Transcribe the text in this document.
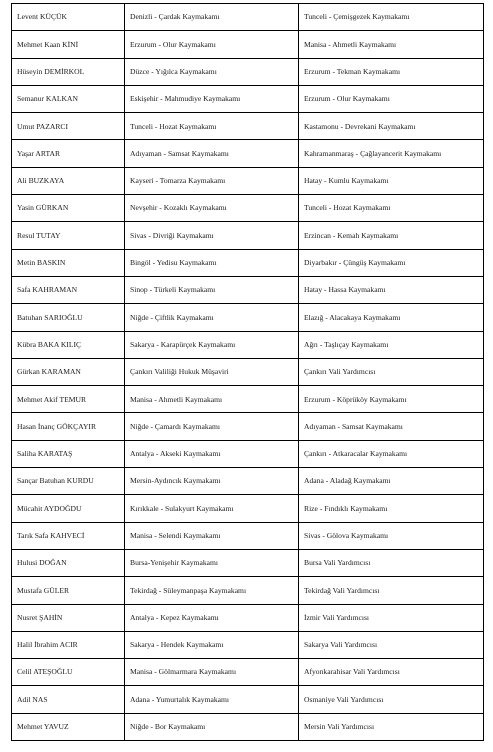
Levent KÜÇÜK	Denizli - Çardak Kaymakamı	Tunceli - Çemişgezek Kaymakamı
Mehmet Kaan KİNİ	Erzurum - Olur Kaymakamı	Manisa - Ahmetli Kaymakamı
Hüseyin DEMİRKOL	Düzce - Yığılca Kaymakamı	Erzurum - Tekman Kaymakamı
Semanur KALKAN	Eskişehir - Mahmudiye Kaymakamı	Erzurum - Olur Kaymakamı
Umut PAZARCI	Tunceli - Hozat Kaymakamı	Kastamonu - Devrekani Kaymakamı
Yaşar ARTAR	Adıyaman - Samsat Kaymakamı	Kahramanmaraş - Çağlayancerit Kaymakamı
Ali BUZKAYA	Kayseri - Tomarza Kaymakamı	Hatay - Kumlu Kaymakamı
Yasin GÜRKAN	Nevşehir - Kozaklı Kaymakamı	Tunceli - Hozat Kaymakamı
Resul TUTAY	Sivas - Divriği Kaymakamı	Erzincan - Kemah Kaymakamı
Metin BASKIN	Bingöl - Yedisu Kaymakamı	Diyarbakır - Çüngüş Kaymakamı
Safa KAHRAMAN	Sinop - Türkeli Kaymakamı	Hatay - Hassa Kaymakamı
Batuhan SARIOĞLU	Niğde - Çiftlik Kaymakamı	Elazığ - Alacakaya Kaymakamı
Kübra BAKA KILIÇ	Sakarya - Karapürçek Kaymakamı	Ağrı - Taşlıçay Kaymakamı
Gürkan KARAMAN	Çankırı Valiliği Hukuk Müşaviri	Çankırı Vali Yardımcısı
Mehmet Akif TEMUR	Manisa - Ahmetli Kaymakamı	Erzurum - Köprüköy Kaymakamı
Hasan İnanç GÖKÇAYIR	Niğde - Çamardı Kaymakamı	Adıyaman - Samsat Kaymakamı
Saliha KARATAŞ	Antalya - Akseki Kaymakamı	Çankırı - Atkaracalar Kaymakamı
Sançar Batuhan KURDU	Mersin-Aydıncık Kaymakamı	Adana - Aladağ Kaymakamı
Mücahit AYDOĞDU	Kırıkkale - Sulakyurt Kaymakamı	Rize - Fındıklı Kaymakamı
Tarık Safa KAHVECİ	Manisa - Selendi Kaymakamı	Sivas - Gölova Kaymakamı
Hulusi DOĞAN	Bursa-Yenişehir Kaymakamı	Bursa Vali Yardımcısı
Mustafa GÜLER	Tekirdağ - Süleymanpaşa Kaymakamı	Tekirdağ Vali Yardımcısı
Nusret ŞAHİN	Antalya - Kepez Kaymakamı	İzmir Vali Yardımcısı
Halil İbrahim ACIR	Sakarya - Hendek Kaymakamı	Sakarya Vali Yardımcısı
Celil ATEŞOĞLU	Manisa - Gölmarmara Kaymakamı	Afyonkarahisar Vali Yardımcısı
Adil NAS	Adana - Yumurtalık Kaymakamı	Osmaniye Vali Yardımcısı
Mehmet YAVUZ	Niğde - Bor Kaymakamı	Mersin Vali Yardımcısı
